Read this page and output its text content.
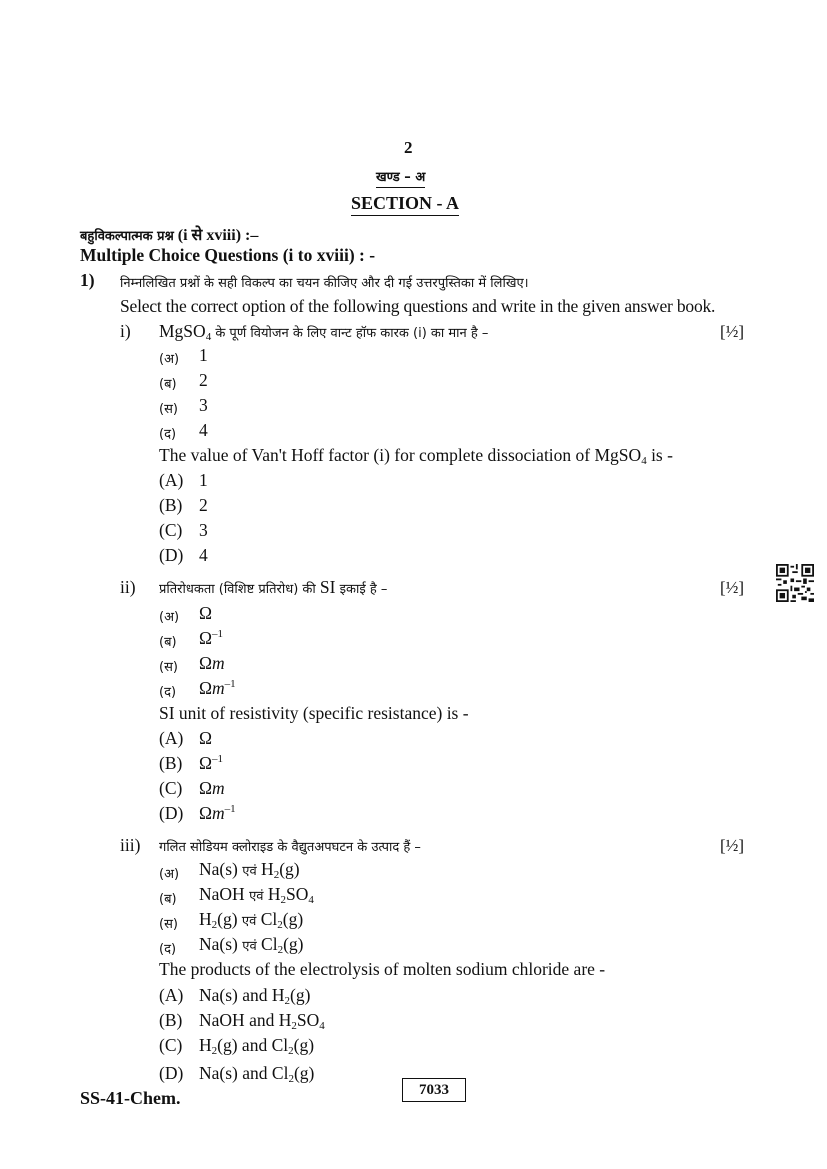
2
खण्ड – अ
SECTION - A
बहुविकल्पात्मक प्रश्न (i से xviii) :–
Multiple Choice Questions (i to xviii) : -
1) निम्नलिखित प्रश्नों के सही विकल्प का चयन कीजिए और दी गई उत्तरपुस्तिका में लिखिए।
Select the correct option of the following questions and write in the given answer book.
i) MgSO$_4$ के पूर्ण वियोजन के लिए वान्ट हॉफ कारक (i) का मान है –	[½]
(अ) 1
(ब) 2
(स) 3
(द) 4
The value of Van't Hoff factor (i) for complete dissociation of MgSO$_4$ is -
(A) 1
(B) 2
(C) 3
(D) 4
ii) प्रतिरोधकता (विशिष्ट प्रतिरोध) की SI इकाई है –	[½]
(अ) Ω
(ब) $\Omega^{-1}$
(स) Ωm
(द) $\Omega m^{-1}$
SI unit of resistivity (specific resistance) is -
(A) Ω
(B) $\Omega^{-1}$
(C) Ωm
(D) $\Omega m^{-1}$
iii) गलित सोडियम क्लोराइड के वैद्युतअपघटन के उत्पाद हैं –	[½]
(अ) Na(s) एवं $H_2(g)$
(ब) NaOH एवं $H_2SO_4$
(स) $H_2(g)$ एवं $Cl_2(g)$
(द) Na(s) एवं $Cl_2(g)$
The products of the electrolysis of molten sodium chloride are -
(A) Na(s) and $H_2(g)$
(B) NaOH and $H_2SO_4$
(C) $H_2(g)$ and $Cl_2(g)$
(D) Na(s) and $Cl_2(g)$
7033
SS-41-Chem.
